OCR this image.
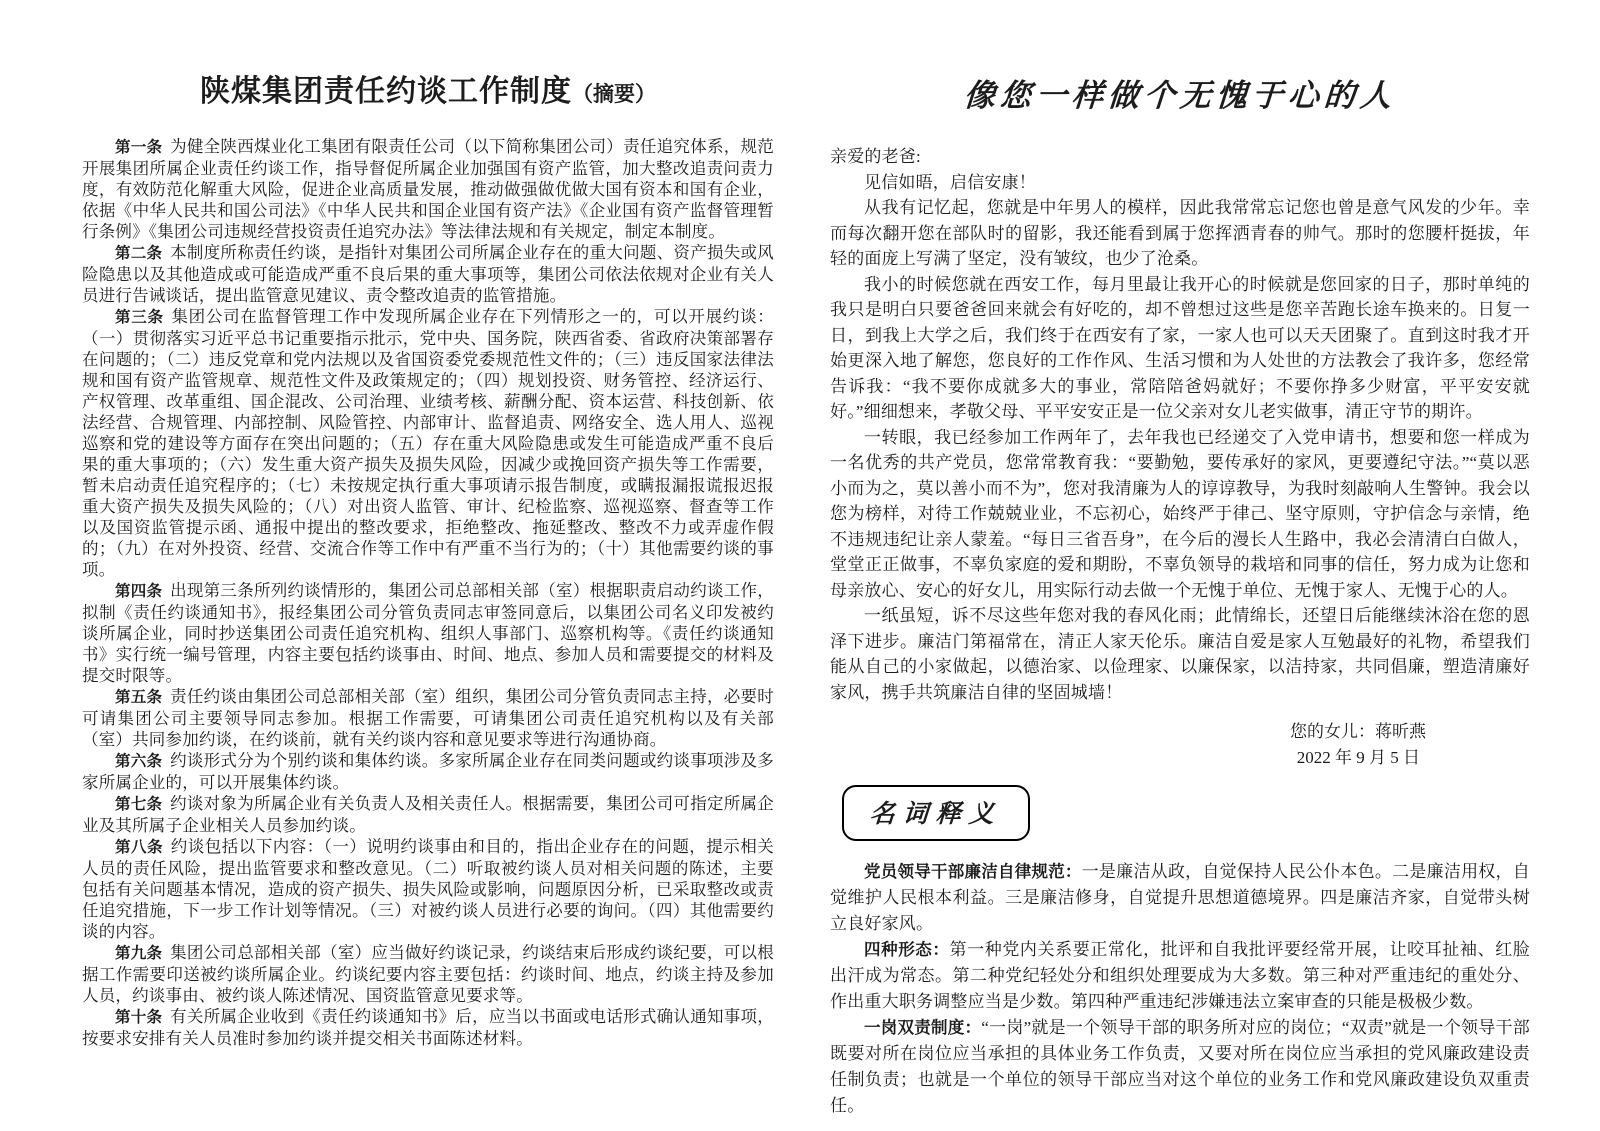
陕煤集团责任约谈工作制度（摘要）

第一条 为健全陕西煤业化工集团有限责任公司（以下简称集团公司）责任追究体系，规范开展集团所属企业责任约谈工作，指导督促所属企业加强国有资产监管，加大整改追责问责力度，有效防范化解重大风险，促进企业高质量发展，推动做强做优做大国有资本和国有企业，依据《中华人民共和国公司法》《中华人民共和国企业国有资产法》《企业国有资产监督管理暂行条例》《集团公司违规经营投资责任追究办法》等法律法规和有关规定，制定本制度。

第二条 本制度所称责任约谈，是指针对集团公司所属企业存在的重大问题、资产损失或风险隐患以及其他造成或可能造成严重不良后果的重大事项等，集团公司依法依规对企业有关人员进行告诫谈话，提出监管意见建议、责令整改追责的监管措施。

第三条 集团公司在监督管理工作中发现所属企业存在下列情形之一的，可以开展约谈：（一）贯彻落实习近平总书记重要指示批示，党中央、国务院，陕西省委、省政府决策部署存在问题的；（二）违反党章和党内法规以及省国资委党委规范性文件的；（三）违反国家法律法规和国有资产监管规章、规范性文件及政策规定的；（四）规划投资、财务管控、经济运行、产权管理、改革重组、国企混改、公司治理、业绩考核、薪酬分配、资本运营、科技创新、依法经营、合规管理、内部控制、风险管控、内部审计、监督追责、网络安全、选人用人、巡视巡察和党的建设等方面存在突出问题的；（五）存在重大风险隐患或发生可能造成严重不良后果的重大事项的；（六）发生重大资产损失及损失风险，因减少或挽回资产损失等工作需要，暂未启动责任追究程序的；（七）未按规定执行重大事项请示报告制度，或瞒报漏报谎报迟报重大资产损失及损失风险的；（八）对出资人监管、审计、纪检监察、巡视巡察、督查等工作以及国资监管提示函、通报中提出的整改要求，拒绝整改、拖延整改、整改不力或弄虚作假的；（九）在对外投资、经营、交流合作等工作中有严重不当行为的；（十）其他需要约谈的事项。

第四条 出现第三条所列约谈情形的，集团公司总部相关部（室）根据职责启动约谈工作，拟制《责任约谈通知书》，报经集团公司分管负责同志审签同意后，以集团公司名义印发被约谈所属企业，同时抄送集团公司责任追究机构、组织人事部门、巡察机构等。《责任约谈通知书》实行统一编号管理，内容主要包括约谈事由、时间、地点、参加人员和需要提交的材料及提交时限等。

第五条 责任约谈由集团公司总部相关部（室）组织，集团公司分管负责同志主持，必要时可请集团公司主要领导同志参加。根据工作需要，可请集团公司责任追究机构以及有关部（室）共同参加约谈，在约谈前，就有关约谈内容和意见要求等进行沟通协商。

第六条 约谈形式分为个别约谈和集体约谈。多家所属企业存在同类问题或约谈事项涉及多家所属企业的，可以开展集体约谈。

第七条 约谈对象为所属企业有关负责人及相关责任人。根据需要，集团公司可指定所属企业及其所属子企业相关人员参加约谈。

第八条 约谈包括以下内容：（一）说明约谈事由和目的，指出企业存在的问题，提示相关人员的责任风险，提出监管要求和整改意见。（二）听取被约谈人员对相关问题的陈述，主要包括有关问题基本情况，造成的资产损失、损失风险或影响，问题原因分析，已采取整改或责任追究措施，下一步工作计划等情况。（三）对被约谈人员进行必要的询问。（四）其他需要约谈的内容。

第九条 集团公司总部相关部（室）应当做好约谈记录，约谈结束后形成约谈纪要，可以根据工作需要印送被约谈所属企业。约谈纪要内容主要包括：约谈时间、地点，约谈主持及参加人员，约谈事由、被约谈人陈述情况、国资监管意见要求等。

第十条 有关所属企业收到《责任约谈通知书》后，应当以书面或电话形式确认通知事项，按要求安排有关人员准时参加约谈并提交相关书面陈述材料。

像您一样做个无愧于心的人

亲爱的老爸:

见信如晤，启信安康！

从我有记忆起，您就是中年男人的模样，因此我常常忘记您也曾是意气风发的少年。幸而每次翻开您在部队时的留影，我还能看到属于您挥洒青春的帅气。那时的您腰杆挺拔，年轻的面庞上写满了坚定，没有皱纹，也少了沧桑。

我小的时候您就在西安工作，每月里最让我开心的时候就是您回家的日子，那时单纯的我只是明白只要爸爸回来就会有好吃的，却不曾想过这些是您辛苦跑长途车换来的。日复一日，到我上大学之后，我们终于在西安有了家，一家人也可以天天团聚了。直到这时我才开始更深入地了解您，您良好的工作作风、生活习惯和为人处世的方法教会了我许多，您经常告诉我：“我不要你成就多大的事业，常陪陪爸妈就好；不要你挣多少财富，平平安安就好。”细细想来，孝敬父母、平平安安正是一位父亲对女儿老实做事，清正守节的期许。

一转眼，我已经参加工作两年了，去年我也已经递交了入党申请书，想要和您一样成为一名优秀的共产党员，您常常教育我：“要勤勉，要传承好的家风，更要遵纪守法。”“莫以恶小而为之，莫以善小而不为”，您对我清廉为人的谆谆教导，为我时刻敲响人生警钟。我会以您为榜样，对待工作兢兢业业，不忘初心，始终严于律己、坚守原则，守护信念与亲情，绝不违规违纪让亲人蒙羞。“每日三省吾身”，在今后的漫长人生路中，我必会清清白白做人，堂堂正正做事，不辜负家庭的爱和期盼，不辜负领导的栽培和同事的信任，努力成为让您和母亲放心、安心的好女儿，用实际行动去做一个无愧于单位、无愧于家人、无愧于心的人。

一纸虽短，诉不尽这些年您对我的春风化雨；此情绵长，还望日后能继续沐浴在您的恩泽下进步。廉洁门第福常在，清正人家天伦乐。廉洁自爱是家人互勉最好的礼物，希望我们能从自己的小家做起，以德治家、以俭理家、以廉保家，以洁持家，共同倡廉，塑造清廉好家风，携手共筑廉洁自律的坚固城墙！

您的女儿：蒋昕燕
2022 年 9 月 5 日
名词释义

党员领导干部廉洁自律规范：一是廉洁从政，自觉保持人民公仆本色。二是廉洁用权，自觉维护人民根本利益。三是廉洁修身，自觉提升思想道德境界。四是廉洁齐家，自觉带头树立良好家风。

四种形态：第一种党内关系要正常化，批评和自我批评要经常开展，让咬耳扯袖、红脸出汗成为常态。第二种党纪轻处分和组织处理要成为大多数。第三种对严重违纪的重处分、作出重大职务调整应当是少数。第四种严重违纪涉嫌违法立案审查的只能是极极少数。

一岗双责制度：“一岗”就是一个领导干部的职务所对应的岗位；“双责”就是一个领导干部既要对所在岗位应当承担的具体业务工作负责，又要对所在岗位应当承担的党风廉政建设责任制负责；也就是一个单位的领导干部应当对这个单位的业务工作和党风廉政建设负双重责任。
